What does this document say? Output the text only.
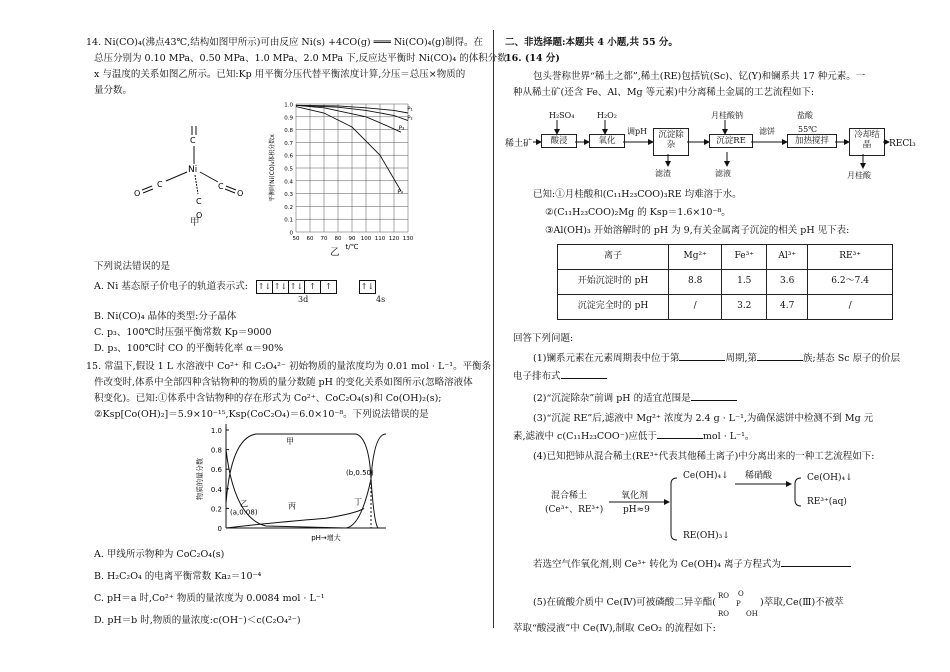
14. Ni(CO)₄(沸点43℃,结构如图甲所示)可由反应 Ni(s) +4CO(g) ═══ Ni(CO)₄(g)制得。在

总压分别为 0.10 MPa、0.50 MPa、1.0 MPa、2.0 MPa 下,反应达平衡时 Ni(CO)₄ 的体积分数

x 与温度的关系如图乙所示。已知:Kp 用平衡分压代替平衡浓度计算,分压＝总压×物质的

量分数。

Ni
C
C
O
C
O
C
O

甲

1.0
0.9
0.8
0.7
0.6
0.5
0.4
0.3
0.2
0.1
0
50 60 70 80 90 100 110 120 130
平衡时Ni(CO)₄体积分数x
t/℃
P₁
P₂
P₃
P₄

乙

下列说法错误的是

A. Ni 基态原子价电子的轨道表示式: ↑↓ ↑↓ ↑↓ ↑	↑	↑↓

3d	4s

B. Ni(CO)₄ 晶体的类型:分子晶体

C. p₃、100℃时压强平衡常数 Kp＝9000

D. p₃、100℃时 CO 的平衡转化率 α＝90%

15. 常温下,假设 1 L 水溶液中 Co²⁺ 和 C₂O₄²⁻ 初始物质的量浓度均为 0.01 mol · L⁻¹。平衡条

件改变时,体系中全部四种含钴物种的物质的量分数随 pH 的变化关系如图所示(忽略溶液体

积变化)。已知:①体系中含钴物种的存在形式为 Co²⁺、CoC₂O₄(s)和 Co(OH)₂(s);

②Ksp[Co(OH)₂]＝5.9×10⁻¹⁵,Ksp(CoC₂O₄)＝6.0×10⁻⁸。下列说法错误的是

1.0
0.8
0.6
0.4
0.2
0
物质的量分数
pH→增大
甲
乙	丙	丁
(a,0.08)
(b,0.50)

A. 甲线所示物种为 CoC₂O₄(s)

B. H₂C₂O₄ 的电离平衡常数 Ka₂＝10⁻⁴

C. pH＝a 时,Co²⁺ 物质的量浓度为 0.0084 mol · L⁻¹

D. pH＝b 时,物质的量浓度:c(OH⁻)＜c(C₂O₄²⁻)

二、非选择题:本题共 4 小题,共 55 分。

16. (14 分)

包头誉称世界“稀土之都”,稀土(RE)包括钪(Sc)、钇(Y)和镧系共 17 种元素。一

种从稀土矿(还含 Fe、Al、Mg 等元素)中分离稀土金属的工艺流程如下:

稀土矿
H₂SO₄	H₂O₂
调pH
月桂酸钠	盐酸
55℃
酸浸	氧化
沉淀除杂	沉淀RE
滤饼
加热搅拌
冷却结晶	RECl₃
滤渣	滤液	月桂酸

已知:①月桂酸和(C₁₁H₂₃COO)₃RE 均难溶于水。

②(C₁₁H₂₃COO)₂Mg 的 Ksp＝1.6×10⁻⁸。

③Al(OH)₃ 开始溶解时的 pH 为 9,有关金属离子沉淀的相关 pH 见下表:

离子	Mg²⁺	Fe³⁺	Al³⁺	RE³⁺
开始沉淀时的 pH	8.8	1.5	3.6	6.2～7.4
沉淀完全时的 pH	/	3.2	4.7	/

回答下列问题:

(1)镧系元素在元素周期表中位于第	周期,第	族;基态 Sc 原子的价层

电子排布式

(2)“沉淀除杂”前调 pH 的适宜范围是

(3)“沉淀 RE”后,滤液中 Mg²⁺ 浓度为 2.4 g · L⁻¹,为确保滤饼中检测不到 Mg 元

素,滤液中 c(C₁₁H₂₃COO⁻)应低于	mol · L⁻¹。

(4)已知把铈从混合稀土(RE³⁺代表其他稀土离子)中分离出来的一种工艺流程如下:

混合稀土
(Ce³⁺、RE³⁺)
氧化剂
pH≈9
Ce(OH)₄↓
RE(OH)₃↓
稀硝酸	Ce(OH)₄↓
RE³⁺(aq)

若选空气作氧化剂,则 Ce³⁺ 转化为 Ce(OH)₄ 离子方程式为

(5)在硫酸介质中 Ce(Ⅳ)可被磷酸二异辛酯(
RO O
P
RO OH
)萃取,Ce(Ⅲ)不被萃

萃取“酸浸液”中 Ce(Ⅳ),制取 CeO₂ 的流程如下:
